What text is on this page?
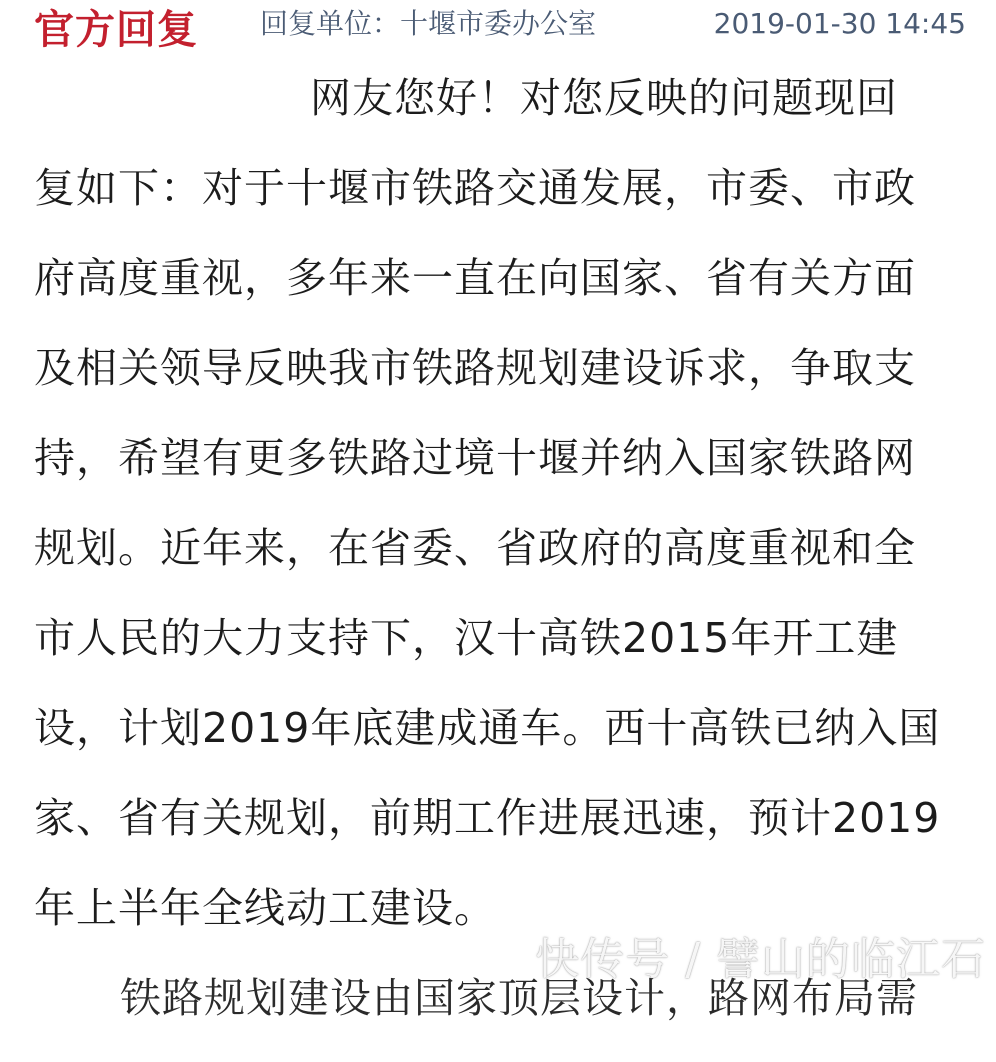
官方回复 回复单位：十堰市委办公室	2019-01-30 14:45
网友您好！对您反映的问题现回
复如下：对于十堰市铁路交通发展，市委、市政
府高度重视，多年来一直在向国家、省有关方面
及相关领导反映我市铁路规划建设诉求，争取支
持，希望有更多铁路过境十堰并纳入国家铁路网
规划。近年来，在省委、省政府的高度重视和全
市人民的大力支持下，汉十高铁2015年开工建
设，计划2019年底建成通车。西十高铁已纳入国
家、省有关规划，前期工作进展迅速，预计2019
年上半年全线动工建设。
铁路规划建设由国家顶层设计，路网布局需
快传号 / 譬山的临江石
